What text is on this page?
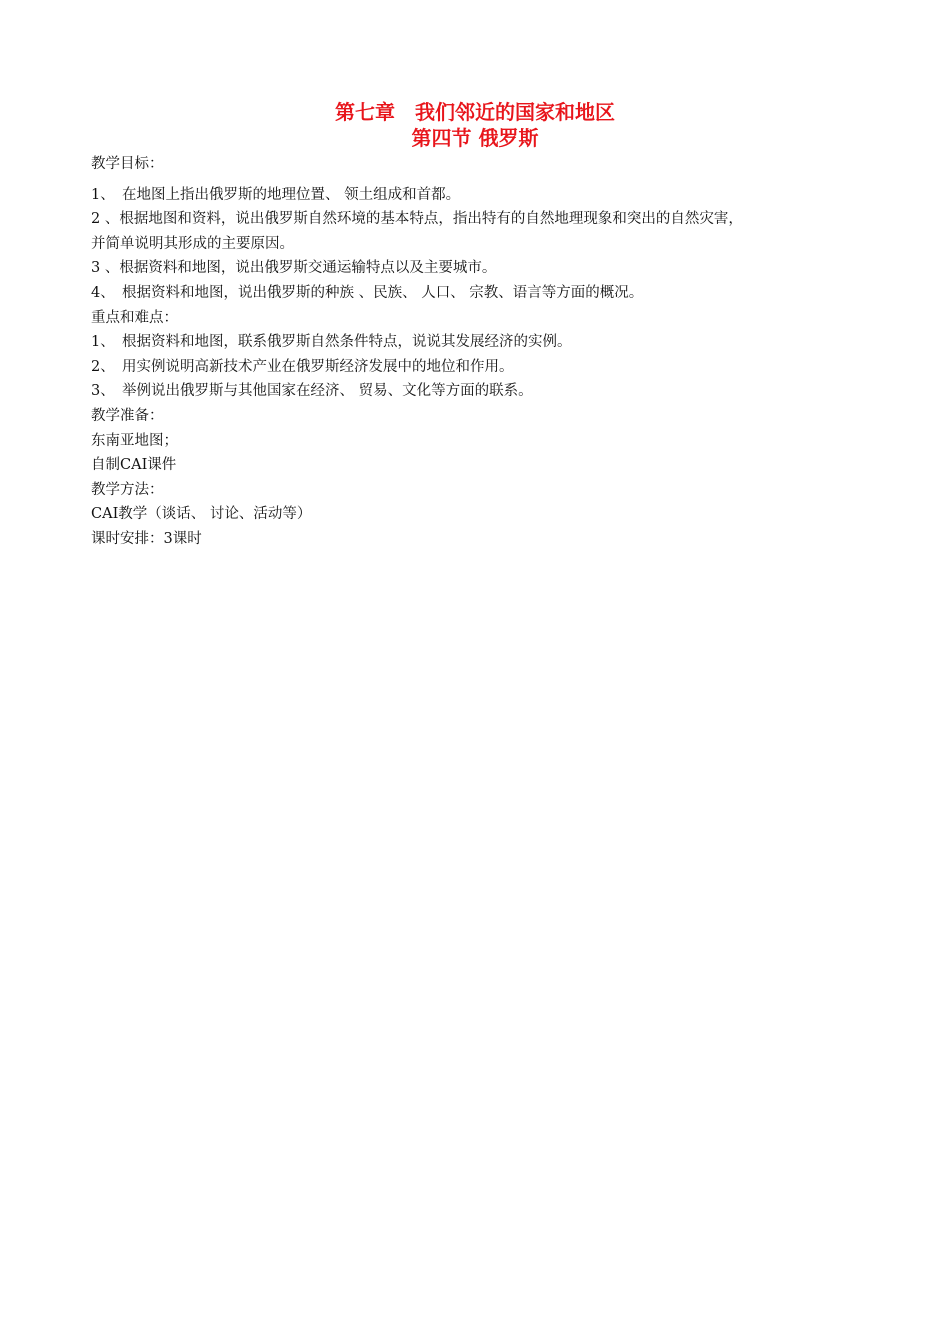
第七章　我们邻近的国家和地区
第四节 俄罗斯
教学目标：
1、　在地图上指出俄罗斯的地理位置、 领土组成和首都。
2 、根据地图和资料，说出俄罗斯自然环境的基本特点，指出特有的自然地理现象和突出的自然灾害，
并简单说明其形成的主要原因。
3 、根据资料和地图，说出俄罗斯交通运输特点以及主要城市。
4、　根据资料和地图，说出俄罗斯的种族 、民族、 人口、 宗教、语言等方面的概况。
重点和难点：
1、　根据资料和地图，联系俄罗斯自然条件特点，说说其发展经济的实例。
2、　用实例说明高新技术产业在俄罗斯经济发展中的地位和作用。
3、　举例说出俄罗斯与其他国家在经济、 贸易、文化等方面的联系。
教学准备：
东南亚地图；
自制CAI课件
教学方法：
CAI教学（谈话、 讨论、活动等）
课时安排：3课时
